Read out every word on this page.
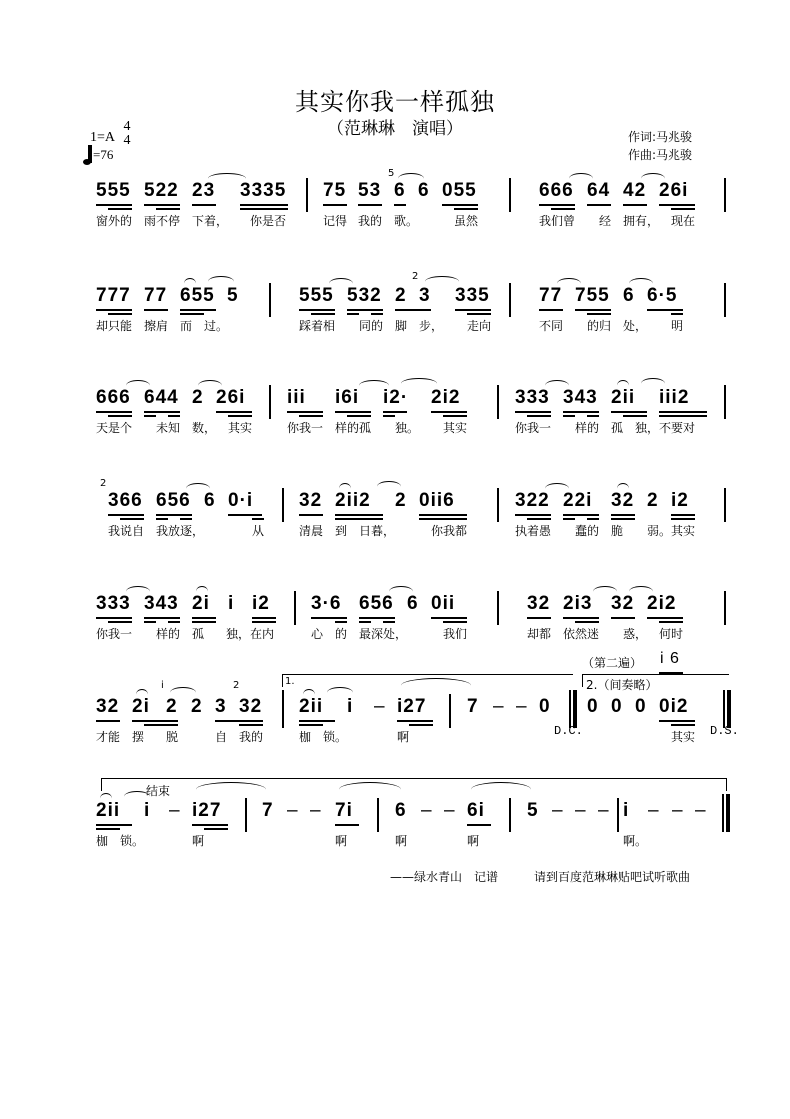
其实你我一样孤独
（范琳琳　演唱）
1=A
4
4
=76
作词:马兆骏
作曲:马兆骏
555 522 23 3335 75 53
5
6 6 055	666 64 42 26i
窗外的 雨不停 下着， 你是否	记得 我的 歌。	虽然	我们曾 经 拥有， 现在
777 77 655 5	555 532 2
2
3 335	77 755 6 6·5
却只能 擦肩 而 过。	踩着相 同的 脚 步， 走向	不同 的归 处， 明
666 644 2 26i iii i6i i2· 2i2	333 343 2ii iii2
天是个 未知 数， 其实	你我一 样的孤 独。 其实	你我一 样的 孤 独， 不要对
2
366 656 6 0·i 32 2ii2 2 0ii6	322 22i 32 2 i2
我说自 我放逐，	从	清晨 到 日暮，	你我都	执着愚 蠢的 脆 弱。其实
333 343 2i i i2 3·6 656 6 0ii	32 2i3 32 2i2
你我一 样的 孤 独，在内	心 的 最深处，	我们	却都 依然迷 惑， 何时
（第二遍） i 6
32 2i
i
2 2 3
2
32
1.
2ii i – i27 7 – – 0
D.C.
2.（间奏略）
0 0 0 0i2
D.S.
才能 摆 脱	自 我的	枷 锁。	啊	其实
结束
2ii i – i27 7 – – 7i 6 – – 6i 5 – – – i – – –
枷 锁。	啊	啊	啊	啊	啊。
——绿水青山　记谱　　　	请到百度范琳琳贴吧试听歌曲
